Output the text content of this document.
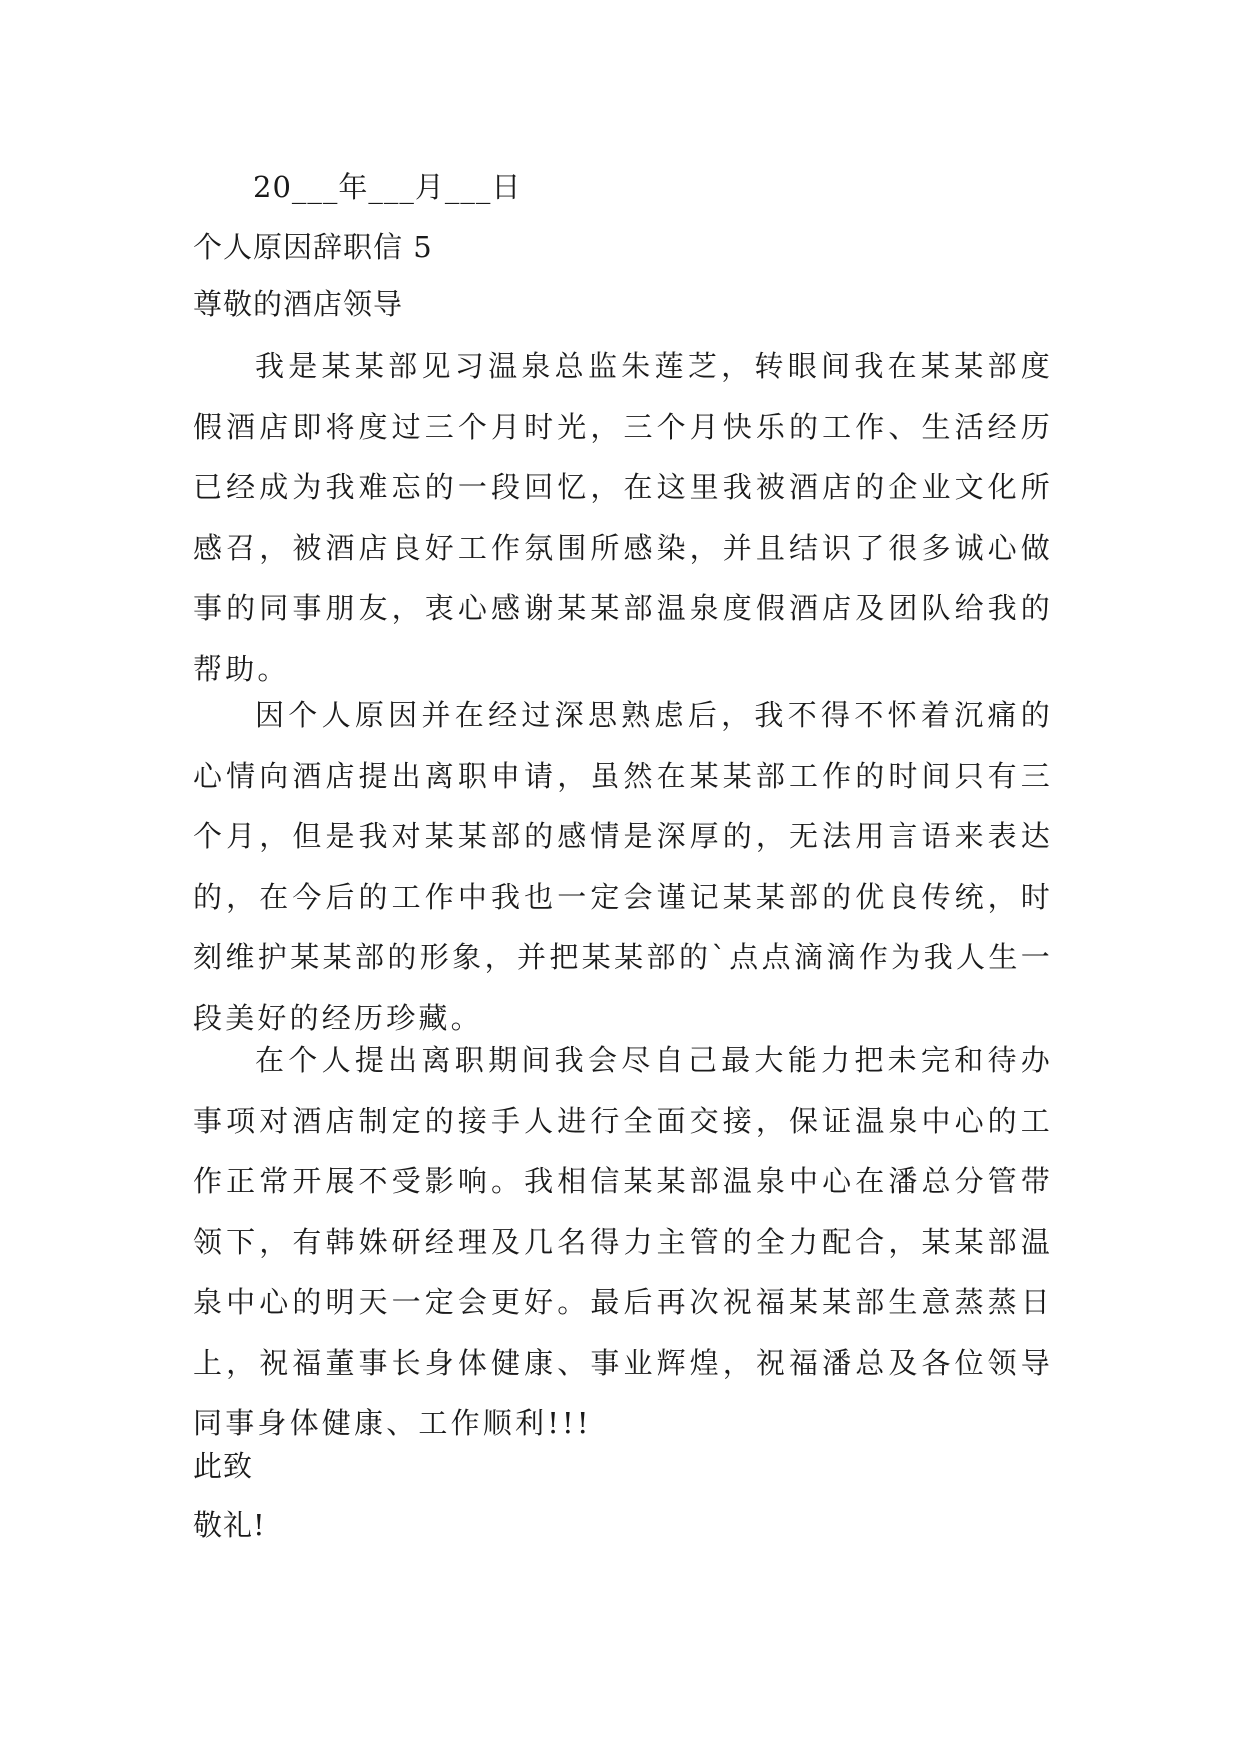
20___年___月___日
个人原因辞职信 5
尊敬的酒店领导
我是某某部见习温泉总监朱莲芝，转眼间我在某某部度假酒店即将度过三个月时光，三个月快乐的工作、生活经历已经成为我难忘的一段回忆，在这里我被酒店的企业文化所感召，被酒店良好工作氛围所感染，并且结识了很多诚心做事的同事朋友，衷心感谢某某部温泉度假酒店及团队给我的帮助。
因个人原因并在经过深思熟虑后，我不得不怀着沉痛的心情向酒店提出离职申请，虽然在某某部工作的时间只有三个月，但是我对某某部的感情是深厚的，无法用言语来表达的，在今后的工作中我也一定会谨记某某部的优良传统，时刻维护某某部的形象，并把某某部的`点点滴滴作为我人生一段美好的经历珍藏。
在个人提出离职期间我会尽自己最大能力把未完和待办事项对酒店制定的接手人进行全面交接，保证温泉中心的工作正常开展不受影响。我相信某某部温泉中心在潘总分管带领下，有韩姝研经理及几名得力主管的全力配合，某某部温泉中心的明天一定会更好。最后再次祝福某某部生意蒸蒸日上，祝福董事长身体健康、事业辉煌，祝福潘总及各位领导同事身体健康、工作顺利!!!
此致
敬礼!
